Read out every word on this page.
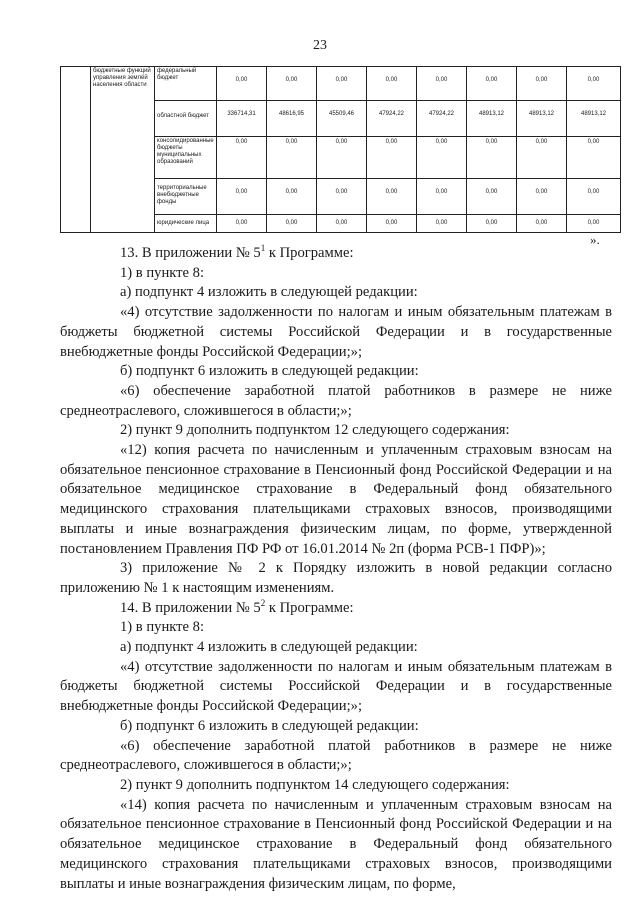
23
	бюджетные функций управления землёй населения области	федеральный бюджет	0,00	0,00	0,00	0,00	0,00	0,00	0,00	0,00
		областной бюджет	336714,31	48616,95	45509,46	47924,22	47924,22	48913,12	48913,12	48913,12
		консолидированные бюджеты муниципальных образований	0,00	0,00	0,00	0,00	0,00	0,00	0,00	0,00
		территориальные внебюджетные фонды	0,00	0,00	0,00	0,00	0,00	0,00	0,00	0,00
		юридические лица	0,00	0,00	0,00	0,00	0,00	0,00	0,00	0,00
».

13. В приложении № $5^1$ к Программе:

1) в пункте 8:

а) подпункт 4 изложить в следующей редакции:

«4) отсутствие задолженности по налогам и иным обязательным платежам в бюджеты бюджетной системы Российской Федерации и в государственные внебюджетные фонды Российской Федерации;»;

б) подпункт 6 изложить в следующей редакции:

«6) обеспечение заработной платой работников в размере не ниже среднеотраслевого, сложившегося в области;»;

2) пункт 9 дополнить подпунктом 12 следующего содержания:

«12) копия расчета по начисленным и уплаченным страховым взносам на обязательное пенсионное страхование в Пенсионный фонд Российской Федерации и на обязательное медицинское страхование в Федеральный фонд обязательного медицинского страхования плательщиками страховых взносов, производящими выплаты и иные вознаграждения физическим лицам, по форме, утвержденной постановлением Правления ПФ РФ от 16.01.2014 № 2п (форма РСВ-1 ПФР)»;

3) приложение № 2 к Порядку изложить в новой редакции согласно приложению № 1 к настоящим изменениям.

14. В приложении № $5^2$ к Программе:

1) в пункте 8:

а) подпункт 4 изложить в следующей редакции:

«4) отсутствие задолженности по налогам и иным обязательным платежам в бюджеты бюджетной системы Российской Федерации и в государственные внебюджетные фонды Российской Федерации;»;

б) подпункт 6 изложить в следующей редакции:

«6) обеспечение заработной платой работников в размере не ниже среднеотраслевого, сложившегося в области;»;

2) пункт 9 дополнить подпунктом 14 следующего содержания:

«14) копия расчета по начисленным и уплаченным страховым взносам на обязательное пенсионное страхование в Пенсионный фонд Российской Федерации и на обязательное медицинское страхование в Федеральный фонд обязательного медицинского страхования плательщиками страховых взносов, производящими выплаты и иные вознаграждения физическим лицам, по форме,
